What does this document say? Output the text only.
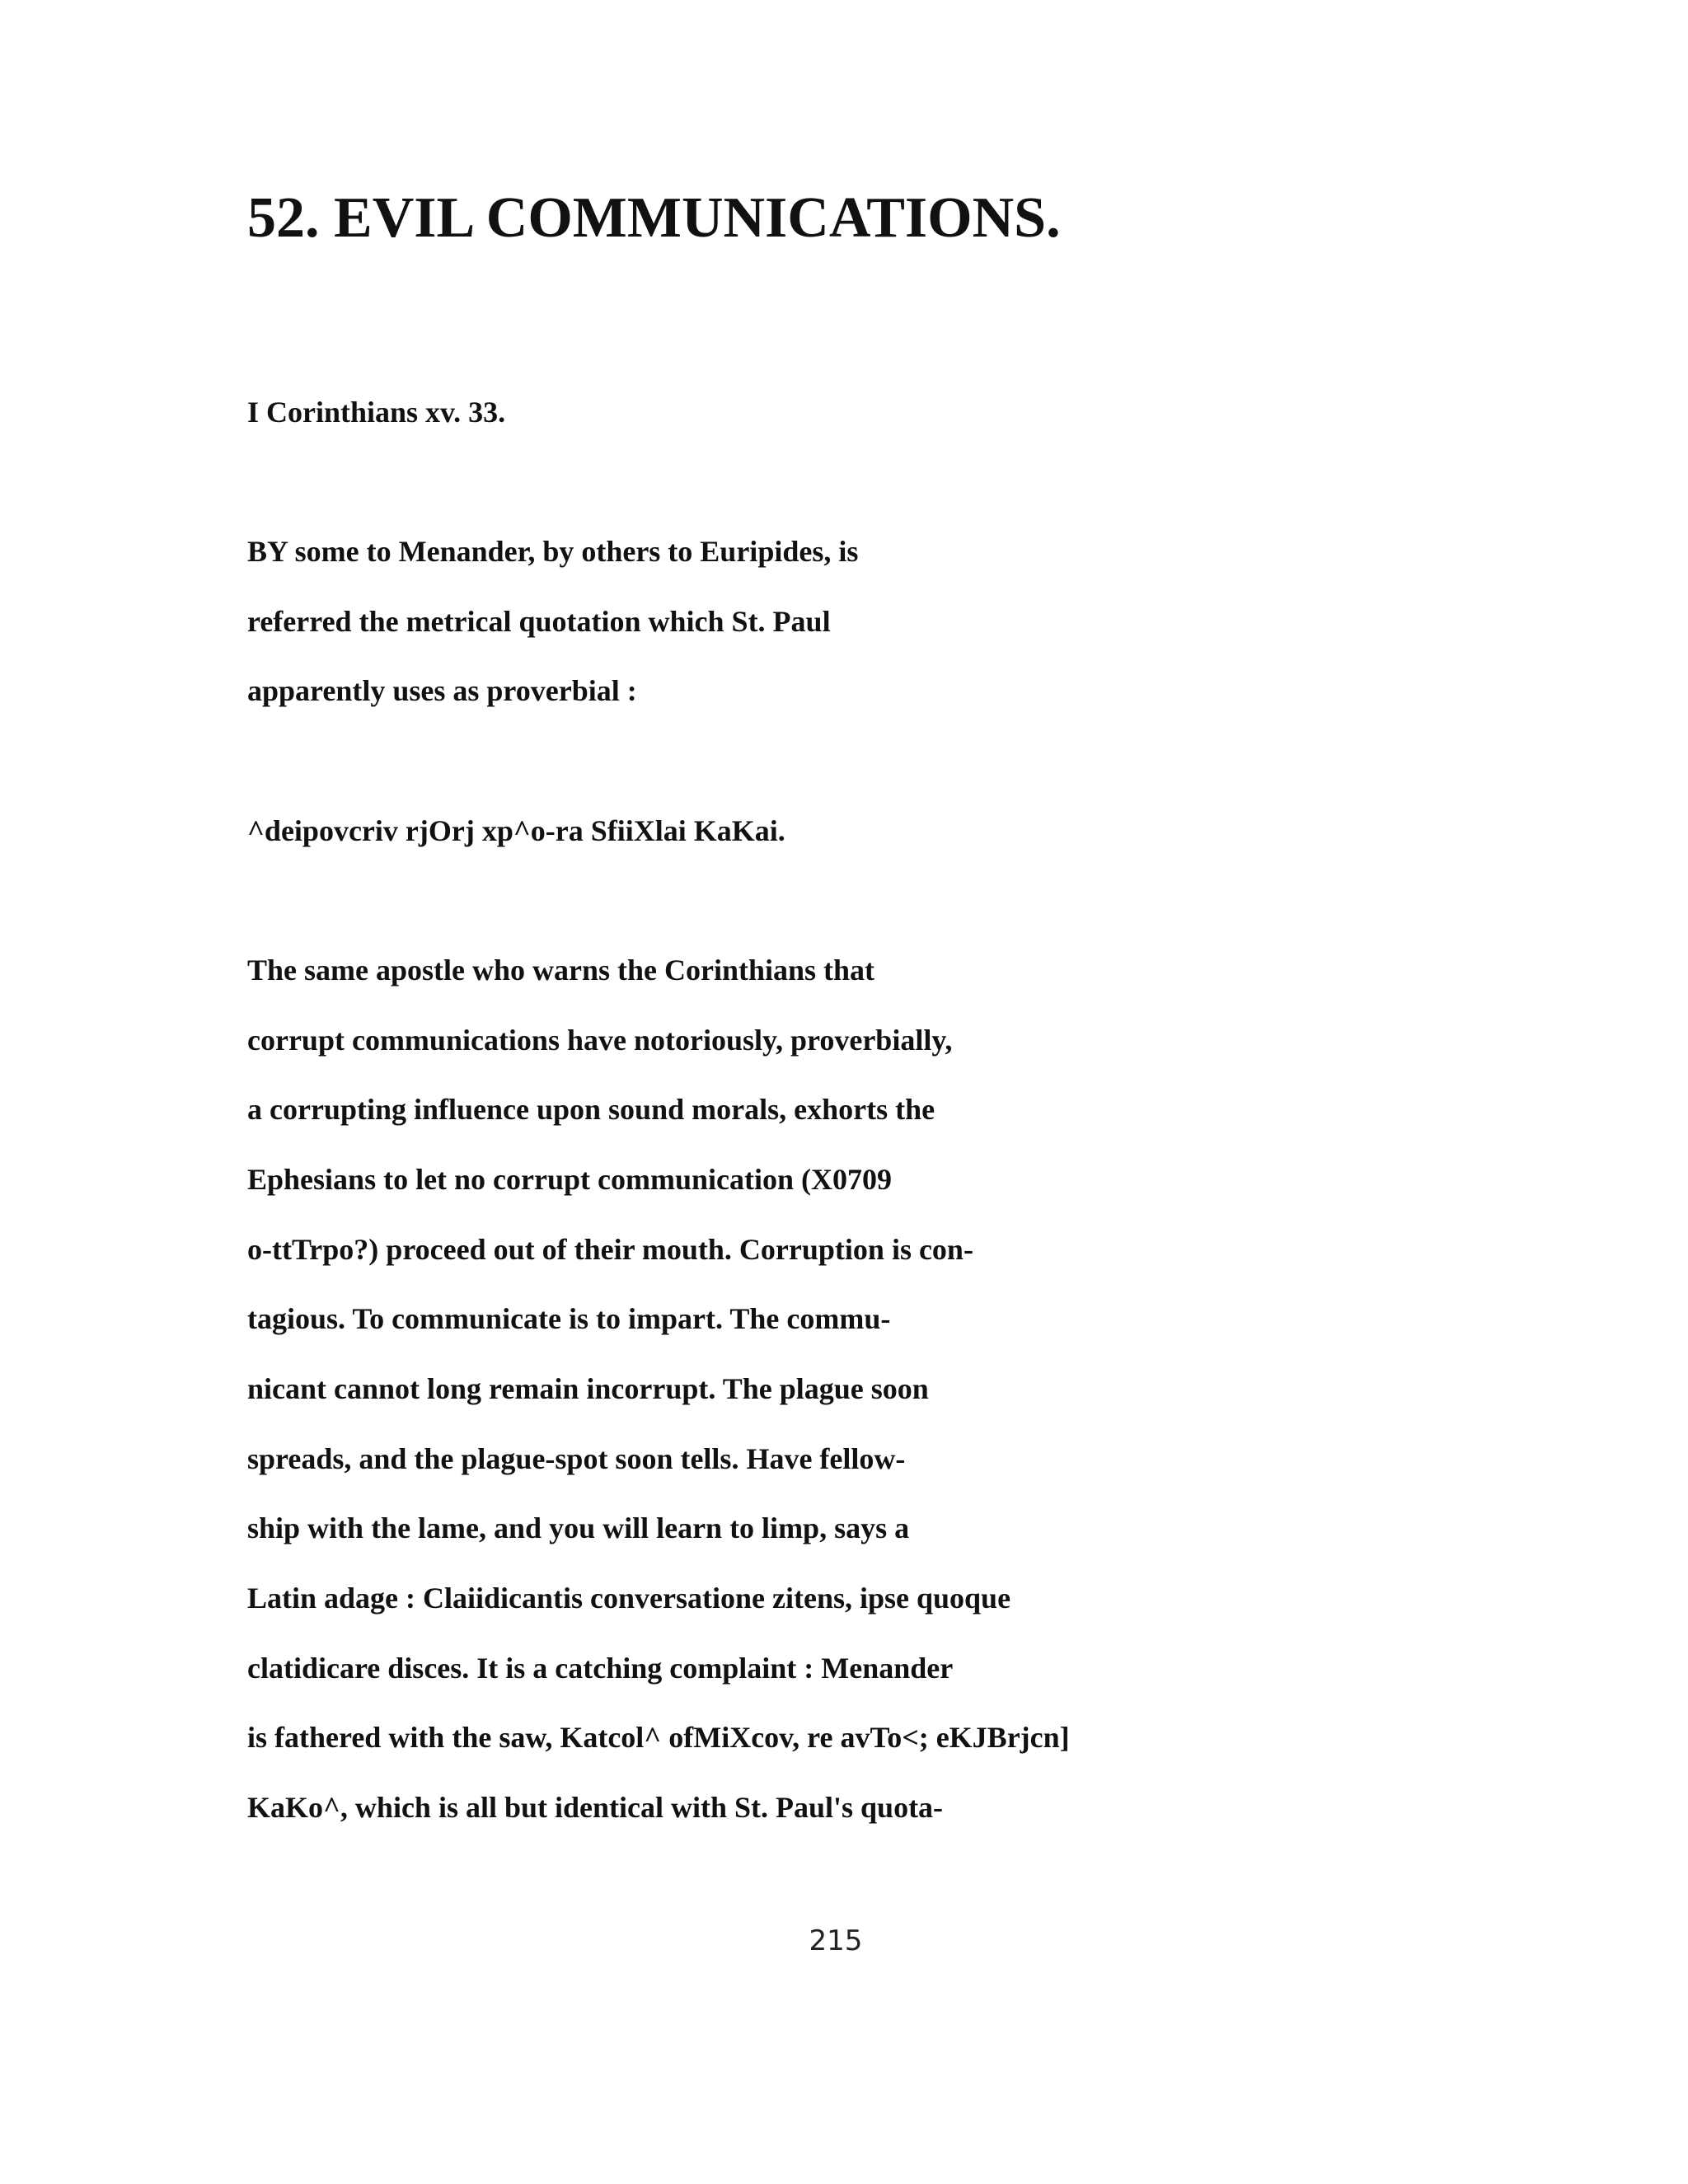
52. EVIL COMMUNICATIONS.

I Corinthians xv. 33.

BY some to Menander, by others to Euripides, is

referred the metrical quotation which St. Paul

apparently uses as proverbial :

^deipovcriv rjOrj xp^o-ra SfiiXlai KaKai.

The same apostle who warns the Corinthians that

corrupt communications have notoriously, proverbially,

a corrupting influence upon sound morals, exhorts the

Ephesians to let no corrupt communication (X0709

o-ttTrpo?) proceed out of their mouth. Corruption is con-

tagious. To communicate is to impart. The commu-

nicant cannot long remain incorrupt. The plague soon

spreads, and the plague-spot soon tells. Have fellow-

ship with the lame, and you will learn to limp, says a

Latin adage : Claiidicantis conversatione zitens, ipse quoque

clatidicare disces. It is a catching complaint : Menander

is fathered with the saw, Katcol^ ofMiXcov, re avTo<; eKJBrjcn]

KaKo^, which is all but identical with St. Paul's quota-

215
